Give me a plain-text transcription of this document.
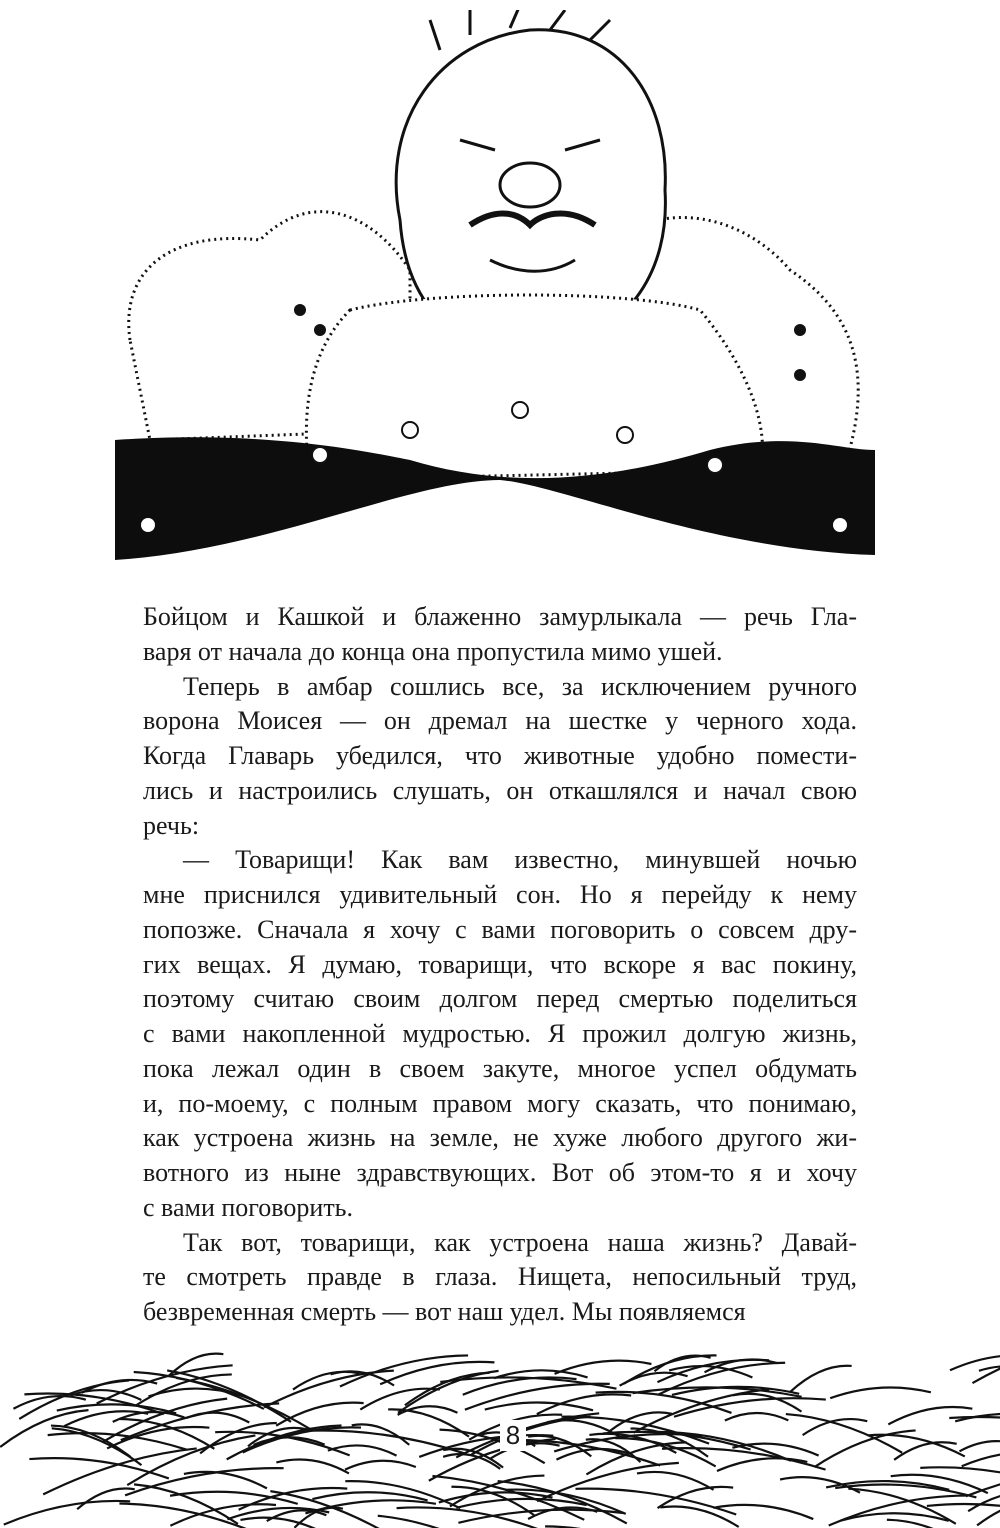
Бойцом и Кашкой и блаженно замурлыкала — речь Гла-
варя от начала до конца она пропустила мимо ушей.
Теперь в амбар сошлись все, за исключением ручного
ворона Моисея — он дремал на шестке у черного хода.
Когда Главарь убедился, что животные удобно помести-
лись и настроились слушать, он откашлялся и начал свою
речь:
— Товарищи! Как вам известно, минувшей ночью
мне приснился удивительный сон. Но я перейду к нему
попозже. Сначала я хочу с вами поговорить о совсем дру-
гих вещах. Я думаю, товарищи, что вскоре я вас покину,
поэтому считаю своим долгом перед смертью поделиться
с вами накопленной мудростью. Я прожил долгую жизнь,
пока лежал один в своем закуте, многое успел обдумать
и, по-моему, с полным правом могу сказать, что понимаю,
как устроена жизнь на земле, не хуже любого другого жи-
вотного из ныне здравствующих. Вот об этом-то я и хочу
с вами поговорить.
Так вот, товарищи, как устроена наша жизнь? Давай-
те смотреть правде в глаза. Нищета, непосильный труд,
безвременная смерть — вот наш удел. Мы появляемся
8
